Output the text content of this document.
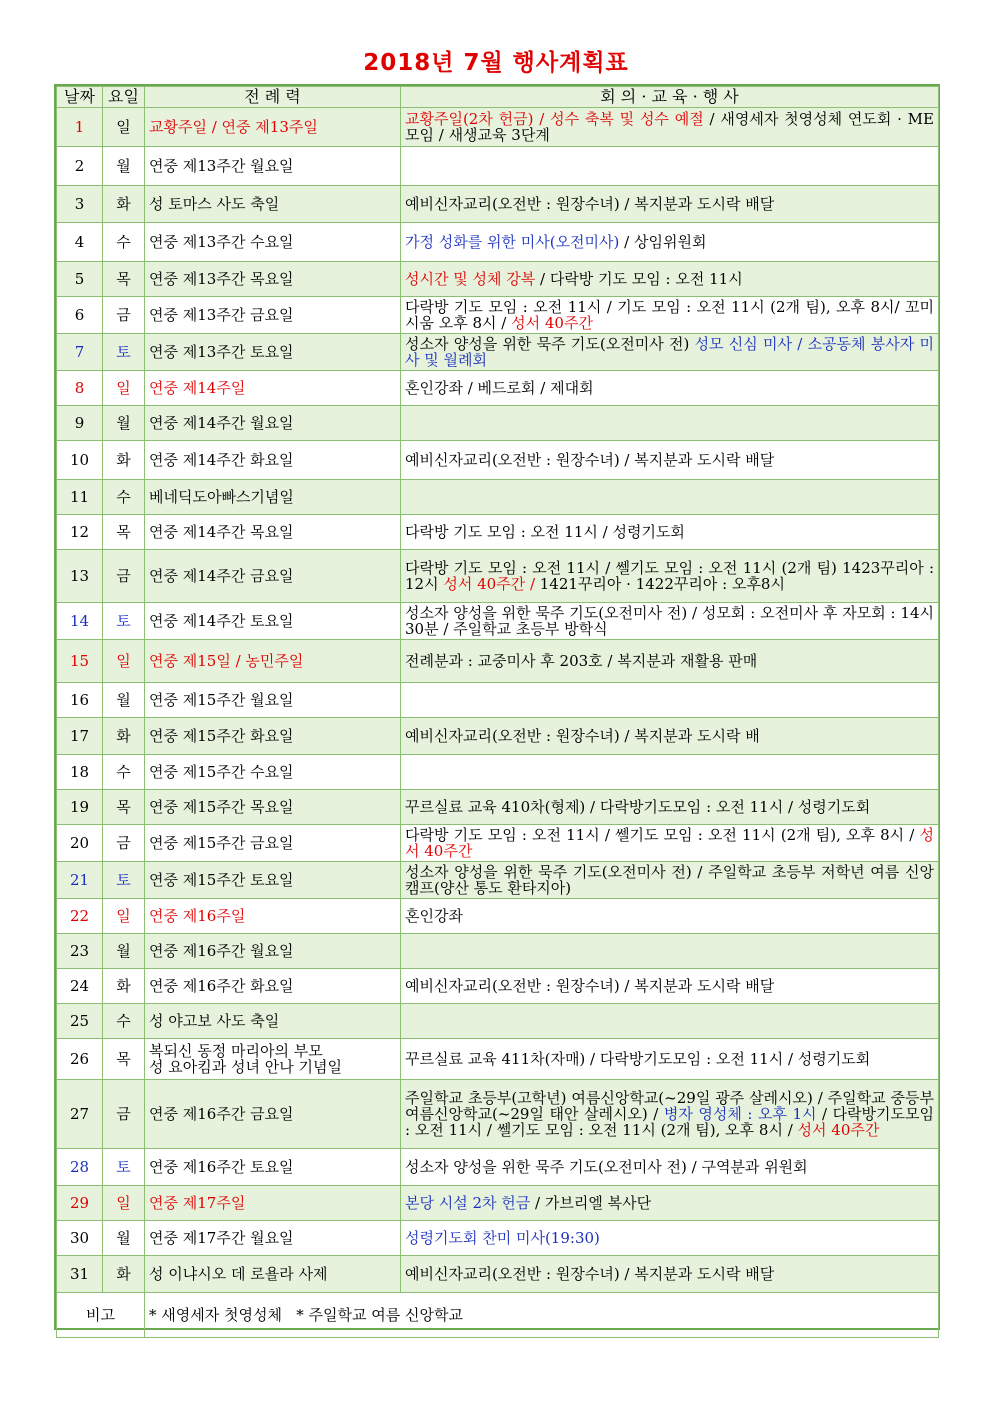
2018년 7월 행사계획표
날짜	요일	전 례 력	회 의 · 교 육 · 행 사
1	일	교황주일 / 연중 제13주일	교황주일(2차 헌금) / 성수 축복 및 성수 예절 / 새영세자 첫영성체 연도회 · ME 모임 / 새생교육 3단계
2	월	연중 제13주간 월요일	
3	화	성 토마스 사도 축일	예비신자교리(오전반 : 원장수녀) / 복지분과 도시락 배달
4	수	연중 제13주간 수요일	가정 성화를 위한 미사(오전미사) / 상임위원회
5	목	연중 제13주간 목요일	성시간 및 성체 강복 / 다락방 기도 모임 : 오전 11시
6	금	연중 제13주간 금요일	다락방 기도 모임 : 오전 11시 / 기도 모임 : 오전 11시 (2개 팀), 오후 8시/ 꼬미시움 오후 8시 / 성서 40주간
7	토	연중 제13주간 토요일	성소자 양성을 위한 묵주 기도(오전미사 전) 성모 신심 미사 / 소공동체 봉사자 미사 및 월례회
8	일	연중 제14주일	혼인강좌 / 베드로회 / 제대회
9	월	연중 제14주간 월요일	
10	화	연중 제14주간 화요일	예비신자교리(오전반 : 원장수녀) / 복지분과 도시락 배달
11	수	베네딕도아빠스기념일	
12	목	연중 제14주간 목요일	다락방 기도 모임 : 오전 11시 / 성령기도회
13	금	연중 제14주간 금요일	다락방 기도 모임 : 오전 11시 / 쎌기도 모임 : 오전 11시 (2개 팀) 1423꾸리아 : 12시 성서 40주간 / 1421꾸리아 · 1422꾸리아 : 오후8시
14	토	연중 제14주간 토요일	성소자 양성을 위한 묵주 기도(오전미사 전) / 성모회 : 오전미사 후 자모회 : 14시 30분 / 주일학교 초등부 방학식
15	일	연중 제15일 / 농민주일	전례분과 : 교중미사 후 203호 / 복지분과 재활용 판매
16	월	연중 제15주간 월요일	
17	화	연중 제15주간 화요일	예비신자교리(오전반 : 원장수녀) / 복지분과 도시락 배
18	수	연중 제15주간 수요일	
19	목	연중 제15주간 목요일	꾸르실료 교육 410차(형제) / 다락방기도모임 : 오전 11시 / 성령기도회
20	금	연중 제15주간 금요일	다락방 기도 모임 : 오전 11시 / 쎌기도 모임 : 오전 11시 (2개 팀), 오후 8시 / 성서 40주간
21	토	연중 제15주간 토요일	성소자 양성을 위한 묵주 기도(오전미사 전) / 주일학교 초등부 저학년 여름 신앙 캠프(양산 통도 환타지아)
22	일	연중 제16주일	혼인강좌
23	월	연중 제16주간 월요일	
24	화	연중 제16주간 화요일	예비신자교리(오전반 : 원장수녀) / 복지분과 도시락 배달
25	수	성 야고보 사도 축일	
26	목	복되신 동정 마리아의 부모
성 요아킴과 성녀 안나 기념일	꾸르실료 교육 411차(자매) / 다락방기도모임 : 오전 11시 / 성령기도회
27	금	연중 제16주간 금요일	주일학교 초등부(고학년) 여름신앙학교(~29일 광주 살레시오) / 주일학교 중등부 여름신앙학교(~29일 태안 살레시오) / 병자 영성체 : 오후 1시 / 다락방기도모임 : 오전 11시 / 쎌기도 모임 : 오전 11시 (2개 팀), 오후 8시 / 성서 40주간
28	토	연중 제16주간 토요일	성소자 양성을 위한 묵주 기도(오전미사 전) / 구역분과 위원회
29	일	연중 제17주일	본당 시설 2차 헌금 / 가브리엘 복사단
30	월	연중 제17주간 월요일	성령기도회 찬미 미사(19:30)
31	화	성 이냐시오 데 로욜라 사제	예비신자교리(오전반 : 원장수녀) / 복지분과 도시락 배달
비고		* 새영세자 첫영성체   * 주일학교 여름 신앙학교	
